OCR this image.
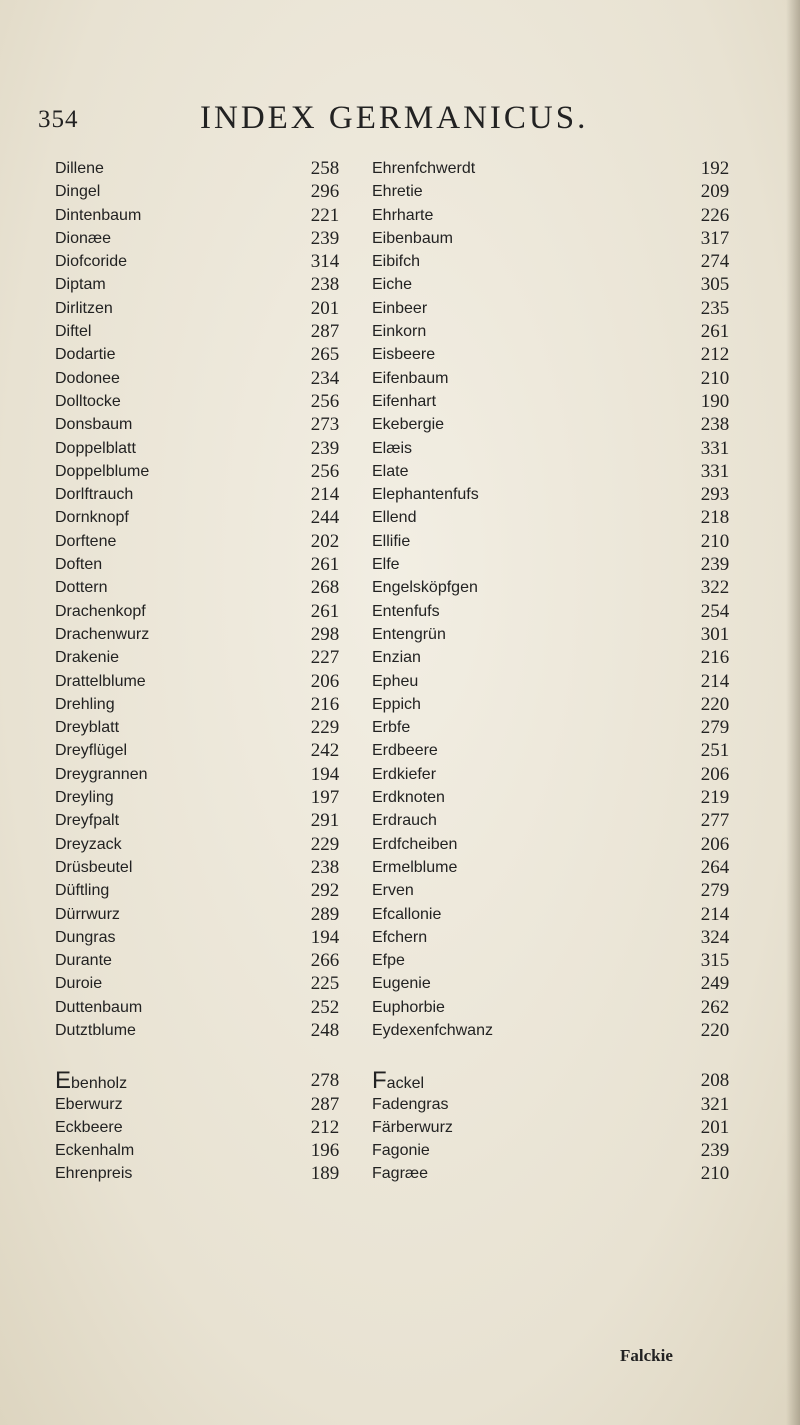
354	INDEX GERMANICUS.
Dillene	258
Dingel	296
Dintenbaum	221
Dionæe	239
Diofcoride	314
Diptam	238
Dirlitzen	201
Diftel	287
Dodartie	265
Dodonee	234
Dolltocke	256
Donsbaum	273
Doppelblatt	239
Doppelblume	256
Dorlftrauch	214
Dornknopf	244
Dorftene	202
Doften	261
Dottern	268
Drachenkopf	261
Drachenwurz	298
Drakenie	227
Drattelblume	206
Drehling	216
Dreyblatt	229
Dreyflügel	242
Dreygrannen	194
Dreyling	197
Dreyfpalt	291
Dreyzack	229
Drüsbeutel	238
Düftling	292
Dürrwurz	289
Dungras	194
Durante	266
Duroie	225
Duttenbaum	252
Dutztblume	248
Ebenholz	278
Eberwurz	287
Eckbeere	212
Eckenhalm	196
Ehrenpreis	189
Ehrenfchwerdt	192
Ehretie	209
Ehrharte	226
Eibenbaum	317
Eibifch	274
Eiche	305
Einbeer	235
Einkorn	261
Eisbeere	212
Eifenbaum	210
Eifenhart	190
Ekebergie	238
Elæis	331
Elate	331
Elephantenfufs	293
Ellend	218
Ellifie	210
Elfe	239
Engelsköpfgen	322
Entenfufs	254
Entengrün	301
Enzian	216
Epheu	214
Eppich	220
Erbfe	279
Erdbeere	251
Erdkiefer	206
Erdknoten	219
Erdrauch	277
Erdfcheiben	206
Ermelblume	264
Erven	279
Efcallonie	214
Efchern	324
Efpe	315
Eugenie	249
Euphorbie	262
Eydexenfchwanz	220
Fackel	208
Fadengras	321
Färberwurz	201
Fagonie	239
Fagræe	210
Falckie
